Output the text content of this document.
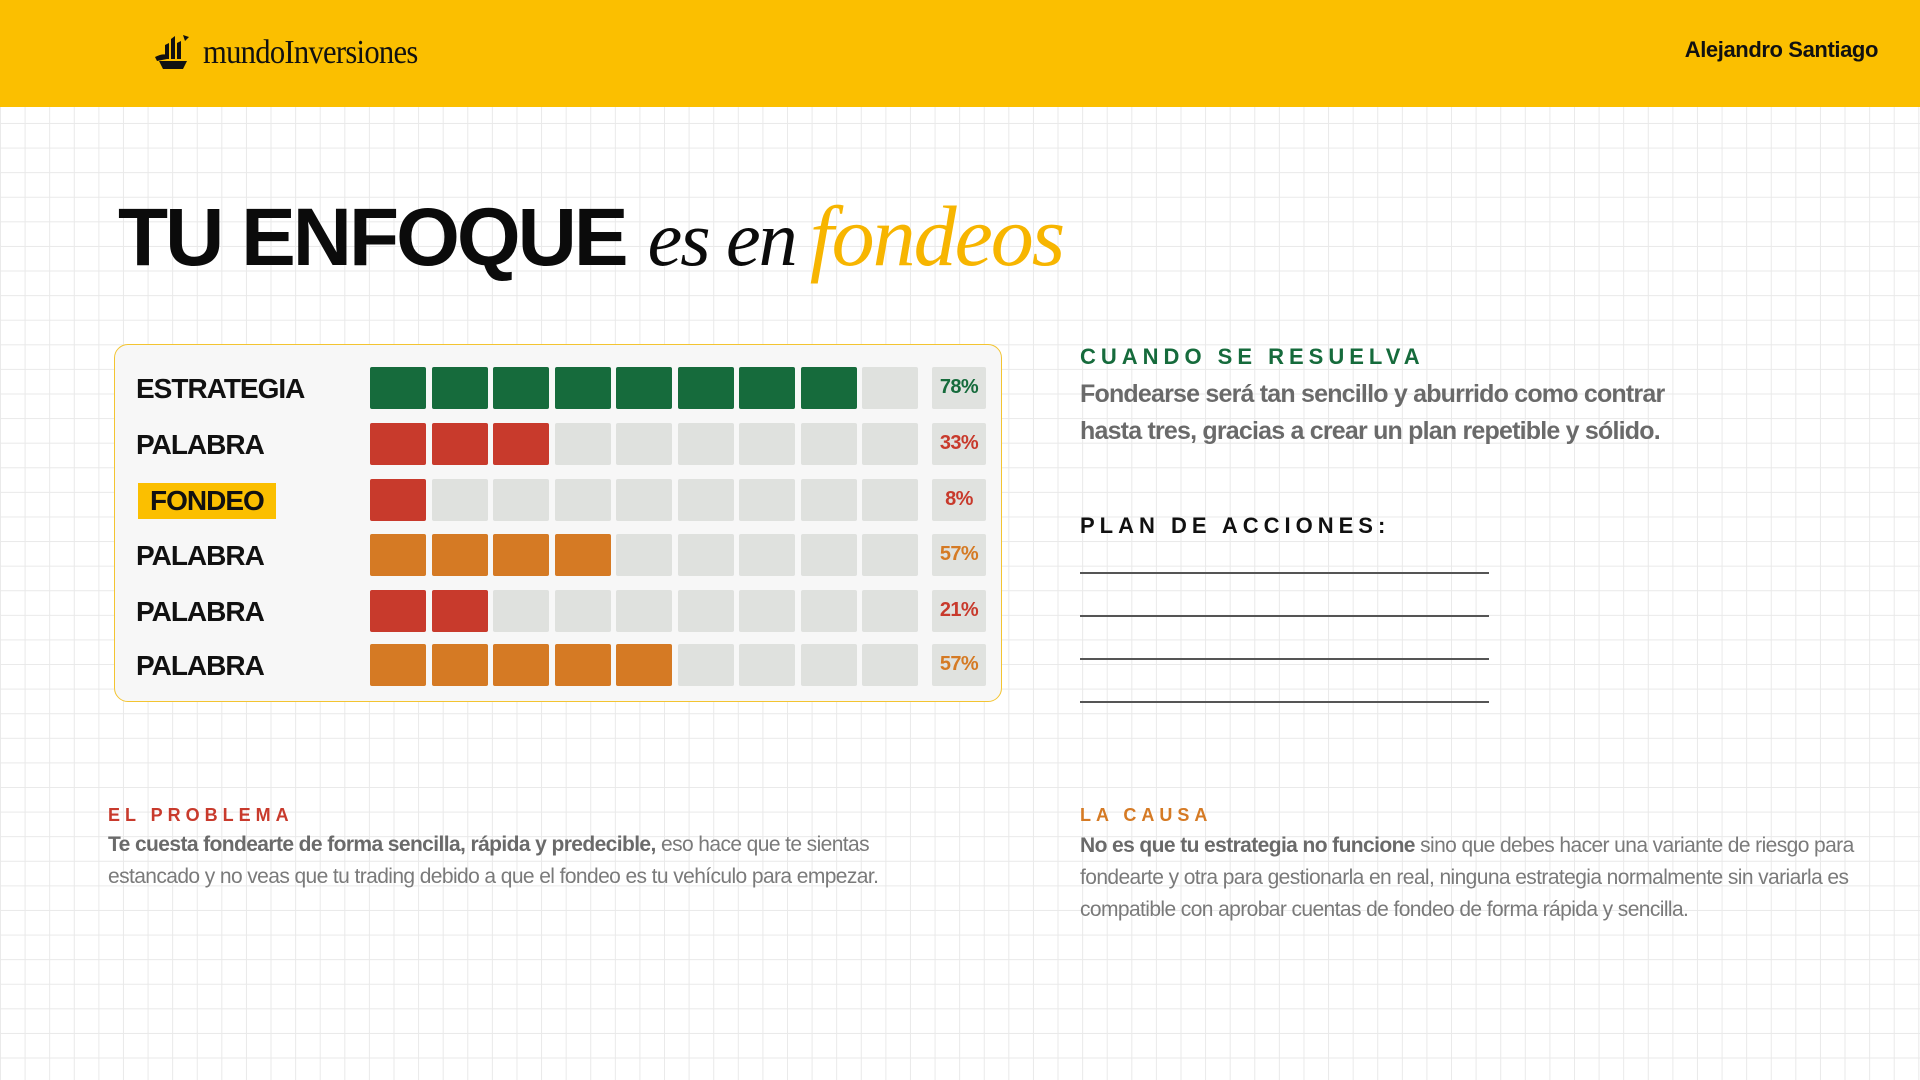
mundoInversiones	Alejandro Santiago
TU ENFOQUE es en fondeos
ESTRATEGIA	78%
PALABRA	33%
FONDEO	8%
PALABRA	57%
PALABRA	21%
PALABRA	57%
CUANDO SE RESUELVA
Fondearse será tan sencillo y aburrido como contrar hasta tres, gracias a crear un plan repetible y sólido.
PLAN DE ACCIONES:
EL PROBLEMA
Te cuesta fondearte de forma sencilla, rápida y predecible, eso hace que te sientas estancado y no veas que tu trading debido a que el fondeo es tu vehículo para empezar.
LA CAUSA
No es que tu estrategia no funcione sino que debes hacer una variante de riesgo para fondearte y otra para gestionarla en real, ninguna estrategia normalmente sin variarla es compatible con aprobar cuentas de fondeo de forma rápida y sencilla.
